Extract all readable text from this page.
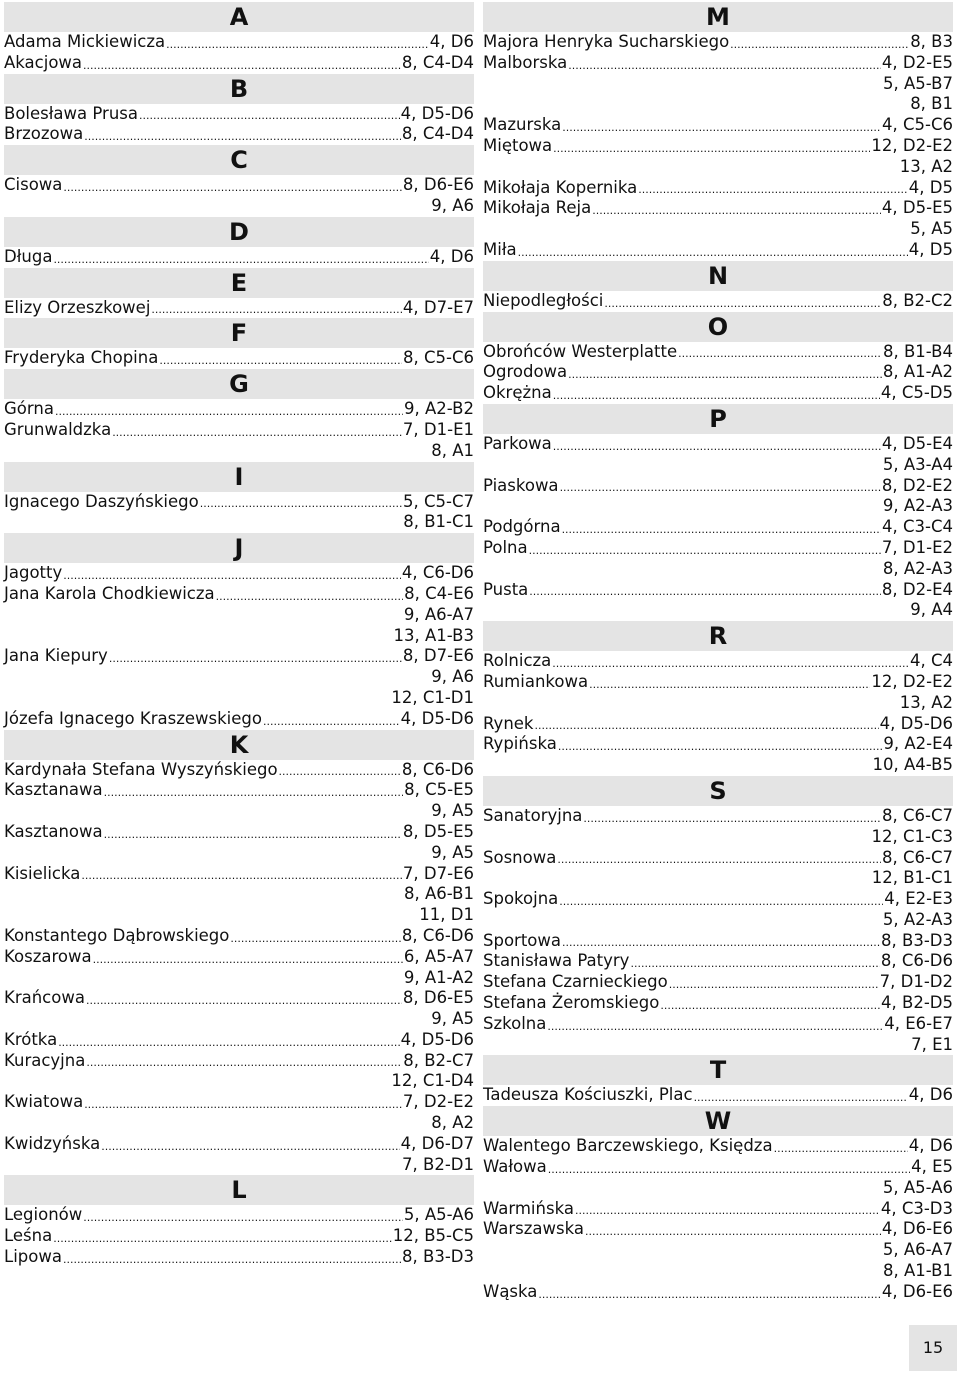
A
Adama Mickiewicza .....	4, D6
Akacjowa .....	8, C4-D4
B
Bolesława Prusa .....	4, D5-D6
Brzozowa .....	8, C4-D4
C
Cisowa .....	8, D6-E6
9, A6
D
Długa .....	4, D6
E
Elizy Orzeszkowej .....	4, D7-E7
F
Fryderyka Chopina .....	8, C5-C6
G
Górna .....	9, A2-B2
Grunwaldzka .....	7, D1-E1
8, A1
I
Ignacego Daszyńskiego .....	5, C5-C7
8, B1-C1
J
Jagotty .....	4, C6-D6
Jana Karola Chodkiewicza .....	8, C4-E6
9, A6-A7
13, A1-B3
Jana Kiepury .....	8, D7-E6
9, A6
12, C1-D1
Józefa Ignacego Kraszewskiego .....	4, D5-D6
K
Kardynała Stefana Wyszyńskiego .....	8, C6-D6
Kasztanawa .....	8, C5-E5
9, A5
Kasztanowa .....	8, D5-E5
9, A5
Kisielicka .....	7, D7-E6
8, A6-B1
11, D1
Konstantego Dąbrowskiego .....	8, C6-D6
Koszarowa .....	6, A5-A7
9, A1-A2
Krańcowa .....	8, D6-E5
9, A5
Krótka .....	4, D5-D6
Kuracyjna .....	8, B2-C7
12, C1-D4
Kwiatowa .....	7, D2-E2
8, A2
Kwidzyńska .....	4, D6-D7
7, B2-D1
L
Legionów .....	5, A5-A6
Leśna .....	12, B5-C5
Lipowa .....	8, B3-D3
M
Majora Henryka Sucharskiego .....	8, B3
Malborska .....	4, D2-E5
5, A5-B7
8, B1
Mazurska .....	4, C5-C6
Miętowa .....	12, D2-E2
13, A2
Mikołaja Kopernika .....	4, D5
Mikołaja Reja .....	4, D5-E5
5, A5
Miła .....	4, D5
N
Niepodległości .....	8, B2-C2
O
Obrońców Westerplatte .....	8, B1-B4
Ogrodowa .....	8, A1-A2
Okrężna .....	4, C5-D5
P
Parkowa .....	4, D5-E4
5, A3-A4
Piaskowa .....	8, D2-E2
9, A2-A3
Podgórna .....	4, C3-C4
Polna .....	7, D1-E2
8, A2-A3
Pusta .....	8, D2-E4
9, A4
R
Rolnicza .....	4, C4
Rumiankowa .....	12, D2-E2
13, A2
Rynek .....	4, D5-D6
Rypińska .....	9, A2-E4
10, A4-B5
S
Sanatoryjna .....	8, C6-C7
12, C1-C3
Sosnowa .....	8, C6-C7
12, B1-C1
Spokojna .....	4, E2-E3
5, A2-A3
Sportowa .....	8, B3-D3
Stanisława Patyry .....	8, C6-D6
Stefana Czarnieckiego .....	7, D1-D2
Stefana Żeromskiego .....	4, B2-D5
Szkolna .....	4, E6-E7
7, E1
T
Tadeusza Kościuszki, Plac .....	4, D6
W
Walentego Barczewskiego, Księdza .....	4, D6
Wałowa .....	4, E5
5, A5-A6
Warmińska .....	4, C3-D3
Warszawska .....	4, D6-E6
5, A6-A7
8, A1-B1
Wąska .....	4, D6-E6
15
